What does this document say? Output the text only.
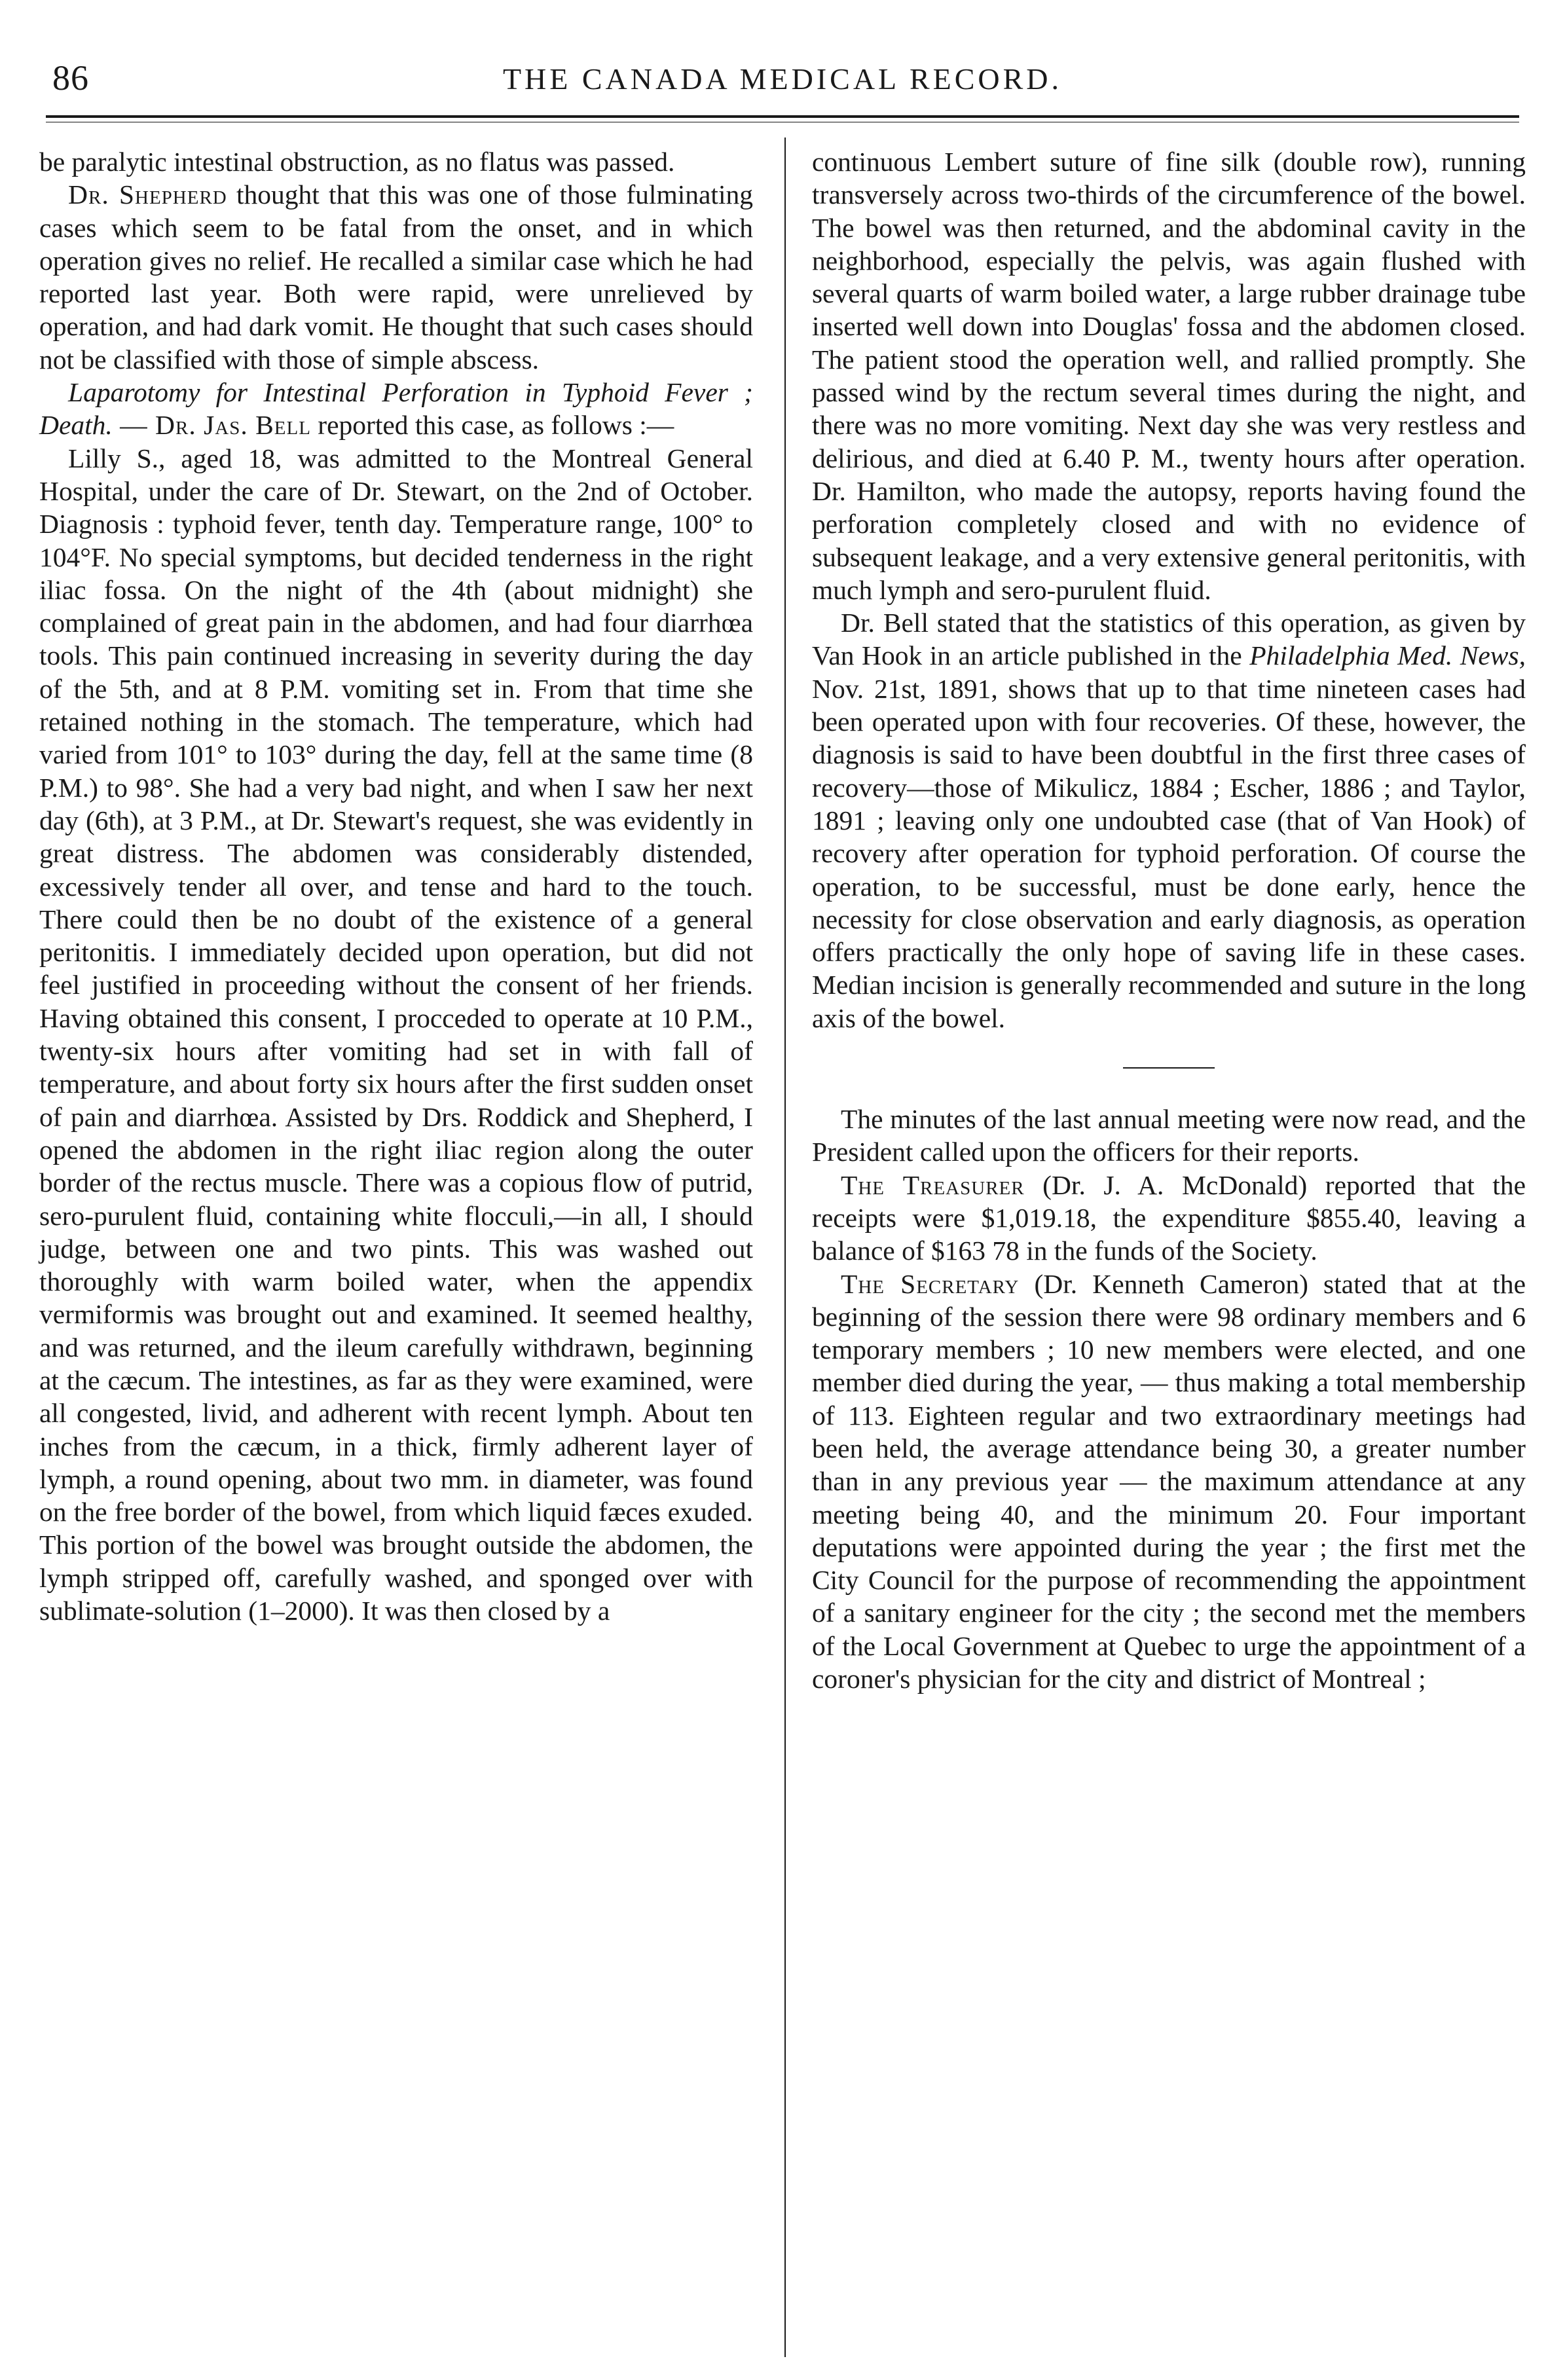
86	THE CANADA MEDICAL RECORD.

be paralytic intestinal obstruction, as no flatus was passed.

Dr. Shepherd thought that this was one of those fulminating cases which seem to be fatal from the onset, and in which operation gives no relief. He recalled a similar case which he had reported last year. Both were rapid, were unrelieved by operation, and had dark vomit. He thought that such cases should not be classified with those of simple abscess.

Laparotomy for Intestinal Perforation in Typhoid Fever ; Death. — Dr. Jas. Bell reported this case, as follows :—

Lilly S., aged 18, was admitted to the Montreal General Hospital, under the care of Dr. Stewart, on the 2nd of October. Diagnosis : typhoid fever, tenth day. Temperature range, 100° to 104°F. No special symptoms, but decided tenderness in the right iliac fossa. On the night of the 4th (about midnight) she complained of great pain in the abdomen, and had four diarrhœa tools. This pain continued increasing in severity during the day of the 5th, and at 8 P.M. vomiting set in. From that time she retained nothing in the stomach. The temperature, which had varied from 101° to 103° during the day, fell at the same time (8 P.M.) to 98°. She had a very bad night, and when I saw her next day (6th), at 3 P.M., at Dr. Stewart's request, she was evidently in great distress. The abdomen was considerably distended, excessively tender all over, and tense and hard to the touch. There could then be no doubt of the existence of a general peritonitis. I immediately decided upon operation, but did not feel justified in proceeding without the consent of her friends. Having obtained this consent, I procceded to operate at 10 P.M., twenty-six hours after vomiting had set in with fall of temperature, and about forty six hours after the first sudden onset of pain and diarrhœa. Assisted by Drs. Roddick and Shepherd, I opened the abdomen in the right iliac region along the outer border of the rectus muscle. There was a copious flow of putrid, sero-purulent fluid, containing white flocculi,—in all, I should judge, between one and two pints. This was washed out thoroughly with warm boiled water, when the appendix vermiformis was brought out and examined. It seemed healthy, and was returned, and the ileum carefully withdrawn, beginning at the cæcum. The intestines, as far as they were examined, were all congested, livid, and adherent with recent lymph. About ten inches from the cæcum, in a thick, firmly adherent layer of lymph, a round opening, about two mm. in diameter, was found on the free border of the bowel, from which liquid fæces exuded. This portion of the bowel was brought outside the abdomen, the lymph stripped off, carefully washed, and sponged over with sublimate-solution (1–2000). It was then closed by a

continuous Lembert suture of fine silk (double row), running transversely across two-thirds of the circumference of the bowel. The bowel was then returned, and the abdominal cavity in the neighborhood, especially the pelvis, was again flushed with several quarts of warm boiled water, a large rubber drainage tube inserted well down into Douglas' fossa and the abdomen closed. The patient stood the operation well, and rallied promptly. She passed wind by the rectum several times during the night, and there was no more vomiting. Next day she was very restless and delirious, and died at 6.40 P. M., twenty hours after operation. Dr. Hamilton, who made the autopsy, reports having found the perforation completely closed and with no evidence of subsequent leakage, and a very extensive general peritonitis, with much lymph and sero-purulent fluid.

Dr. Bell stated that the statistics of this operation, as given by Van Hook in an article published in the Philadelphia Med. News, Nov. 21st, 1891, shows that up to that time nineteen cases had been operated upon with four recoveries. Of these, however, the diagnosis is said to have been doubtful in the first three cases of recovery—those of Mikulicz, 1884 ; Escher, 1886 ; and Taylor, 1891 ; leaving only one undoubted case (that of Van Hook) of recovery after operation for typhoid perforation. Of course the operation, to be successful, must be done early, hence the necessity for close observation and early diagnosis, as operation offers practically the only hope of saving life in these cases. Median incision is generally recommended and suture in the long axis of the bowel.

The minutes of the last annual meeting were now read, and the President called upon the officers for their reports.

The Treasurer (Dr. J. A. McDonald) reported that the receipts were $1,019.18, the expenditure $855.40, leaving a balance of $163 78 in the funds of the Society.

The Secretary (Dr. Kenneth Cameron) stated that at the beginning of the session there were 98 ordinary members and 6 temporary members ; 10 new members were elected, and one member died during the year, — thus making a total membership of 113. Eighteen regular and two extraordinary meetings had been held, the average attendance being 30, a greater number than in any previous year — the maximum attendance at any meeting being 40, and the minimum 20. Four important deputations were appointed during the year ; the first met the City Council for the purpose of recommending the appointment of a sanitary engineer for the city ; the second met the members of the Local Government at Quebec to urge the appointment of a coroner's physician for the city and district of Montreal ;
